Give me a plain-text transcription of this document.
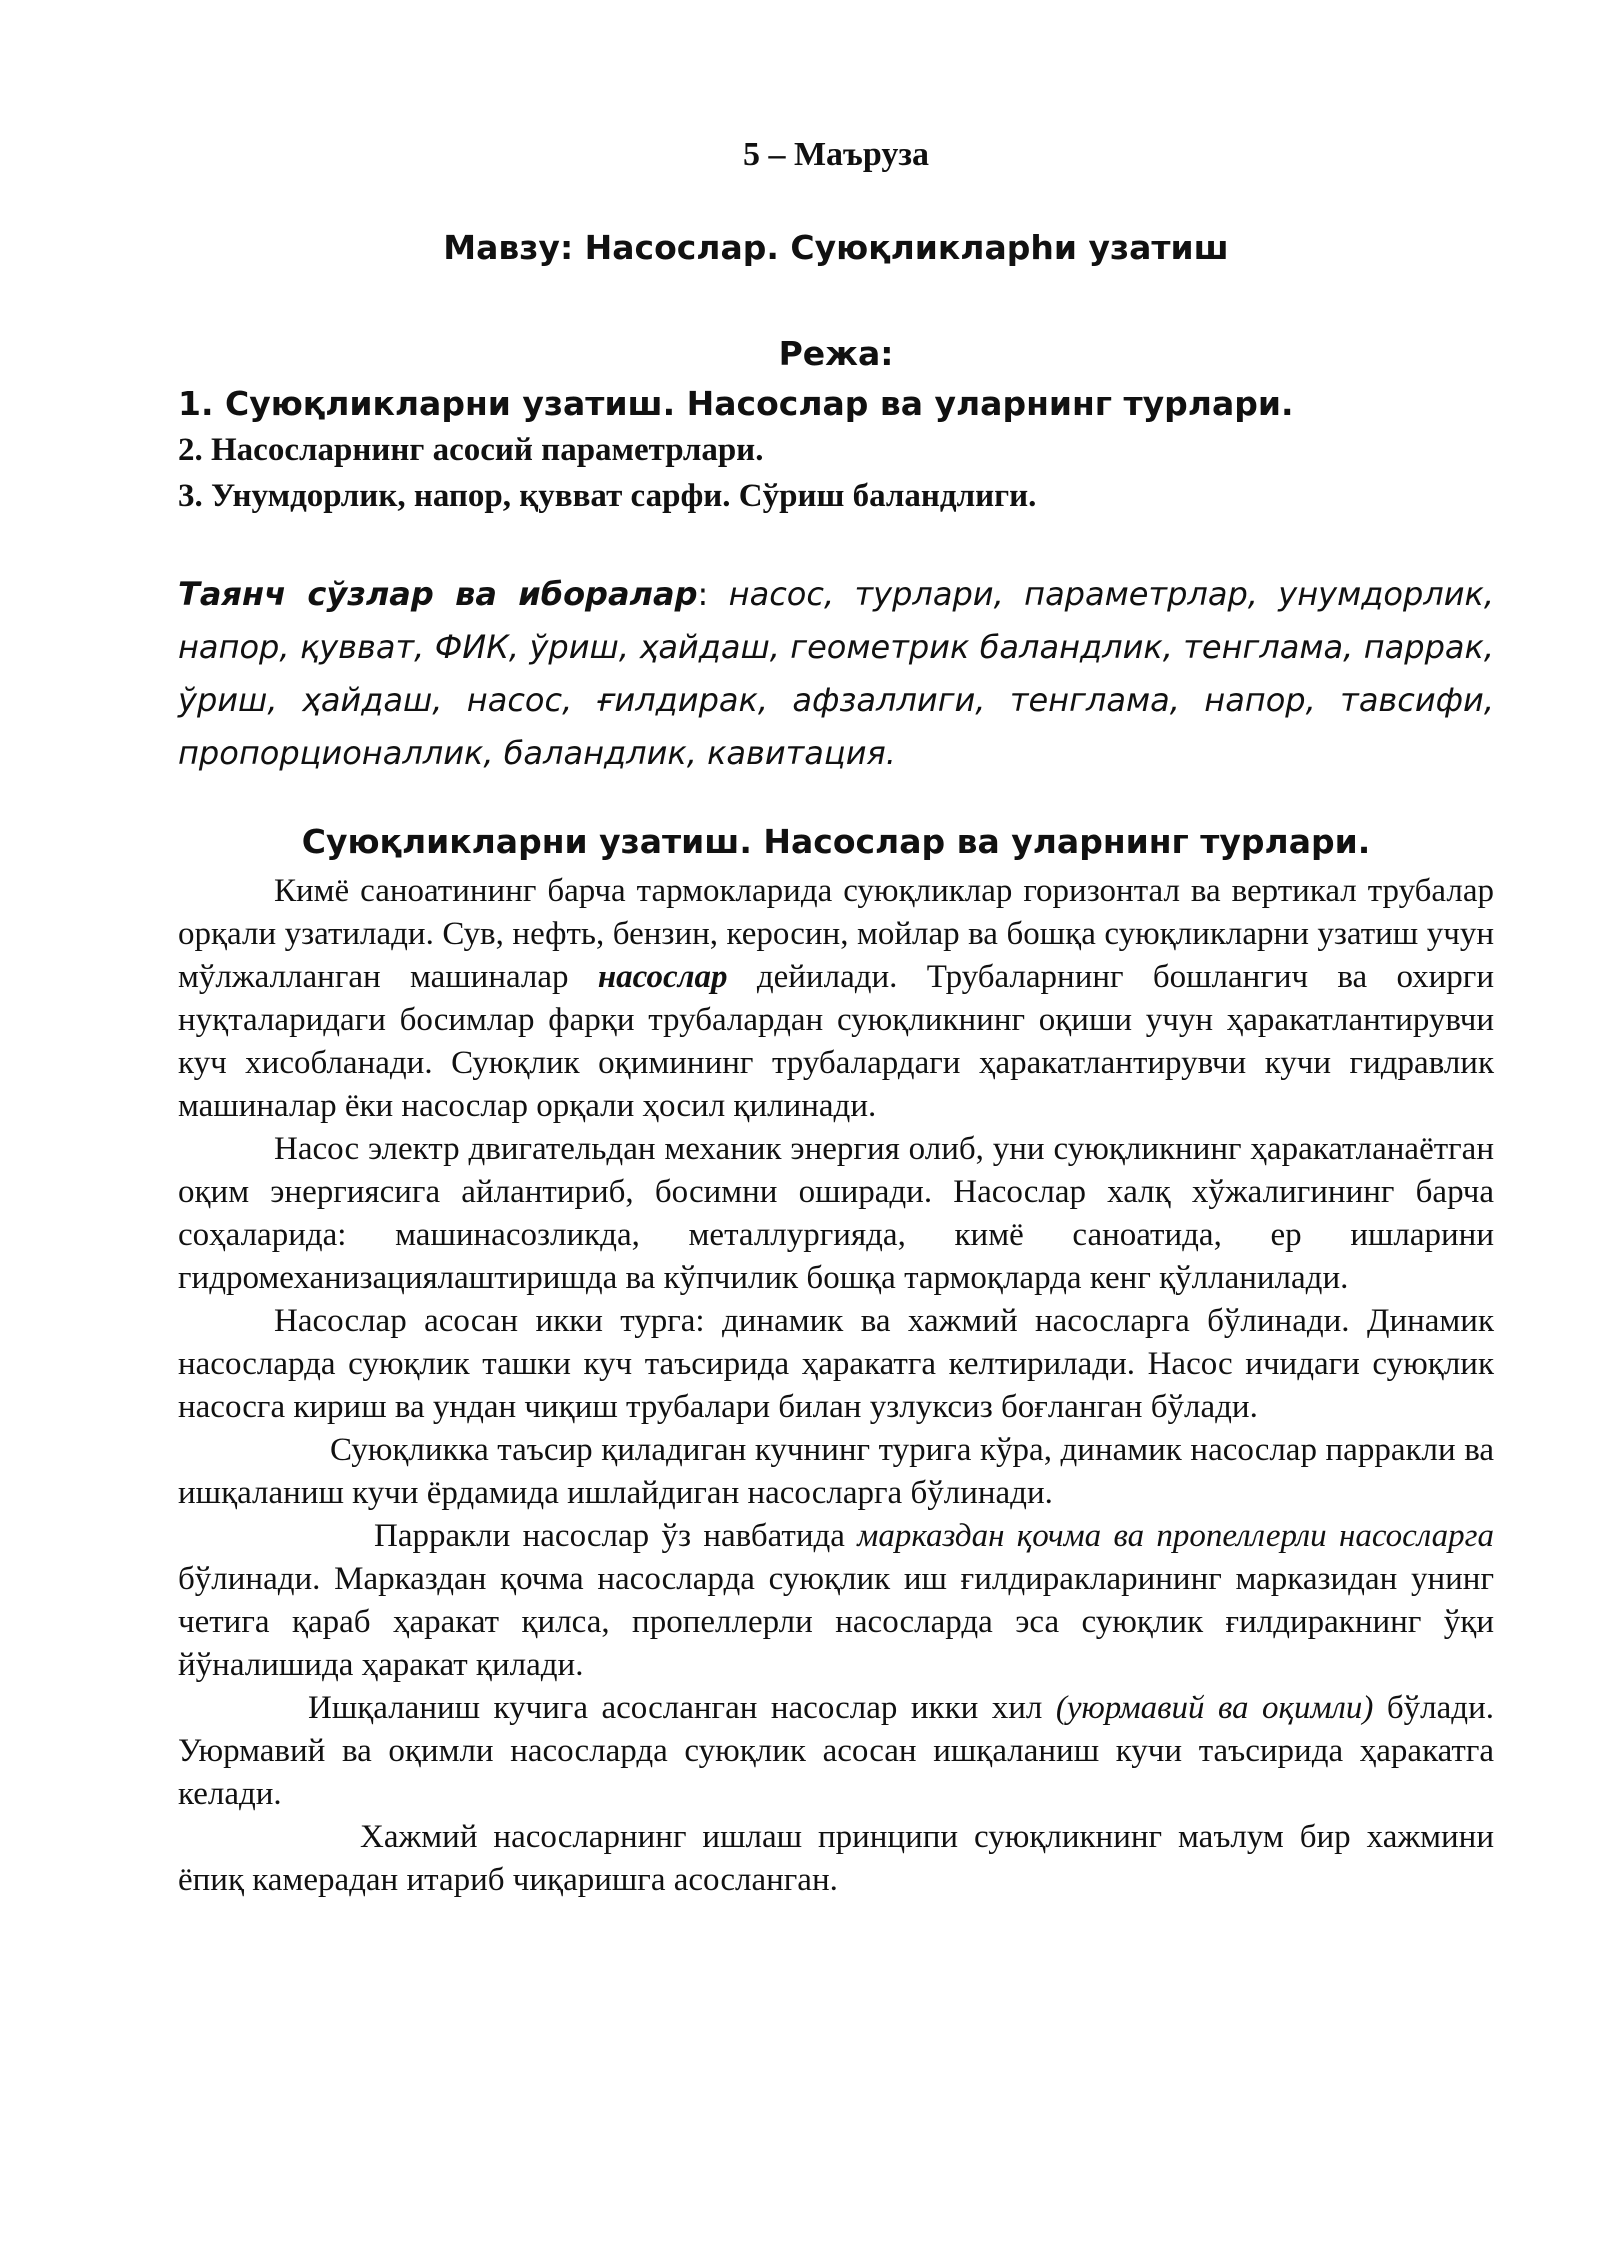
5 – Маъруза
Мавзу: Насослар. Суюқликларhи узатиш
Режа:
1. Суюқликларни узатиш. Насослар ва уларнинг турлари.
2. Насосларнинг асосий параметрлари.
3. Унумдорлик, напор, қувват сарфи. Сўриш баландлиги.
Таянч сўзлар ва иборалар: насос, турлари, параметрлар, унумдорлик, напор, қувват, ФИК, ўриш, ҳайдаш, геометрик баландлик, тенглама, паррак, ўриш, ҳайдаш, насос, ғилдирак, афзаллиги, тенглама, напор, тавсифи, пропорционаллик, баландлик, кавитация.
Суюқликларни узатиш. Насослар ва уларнинг турлари.

Кимё саноатининг барча тармокларида суюқликлар горизонтал ва вертикал трубалар орқали узатилади. Сув, нефть, бензин, керосин, мойлар ва бошқа суюқликларни узатиш учун мўлжалланган машиналар насослар дейилади. Трубаларнинг бошлангич ва охирги нуқталаридаги босимлар фарқи трубалардан суюқликнинг оқиши учун ҳаракатлантирувчи куч хисобланади. Суюқлик оқимининг трубалардаги ҳаракатлантирувчи кучи гидравлик машиналар ёки насослар орқали ҳосил қилинади.

Насос электр двигательдан механик энергия олиб, уни суюқликнинг ҳаракатланаётган оқим энергиясига айлантириб, босимни оширади. Насослар халқ хўжалигининг барча соҳаларида: машинасозликда, металлургияда, кимё саноатида, ер ишларини гидромеханизациялаштиришда ва кўпчилик бошқа тармоқларда кенг қўлланилади.

Насослар асосан икки турга: динамик ва хажмий насосларга бўлинади. Динамик насосларда суюқлик ташки куч таъсирида ҳаракатга келтирилади. Насос ичидаги суюқлик насосга кириш ва ундан чиқиш трубалари билан узлуксиз боғланган бўлади.

Суюқликка таъсир қиладиган кучнинг турига кўра, динамик насослар парракли ва ишқаланиш кучи ёрдамида ишлайдиган насосларга бўлинади.

Парракли насослар ўз навбатида марказдан қочма ва пропеллерли насосларга бўлинади. Марказдан қочма насосларда суюқлик иш ғилдиракларининг марказидан унинг четига қараб ҳаракат қилса, пропеллерли насосларда эса суюқлик ғилдиракнинг ўқи йўналишида ҳаракат қилади.

Ишқаланиш кучига асосланган насослар икки хил (уюрмавий ва оқимли) бўлади. Уюрмавий ва оқимли насосларда суюқлик асосан ишқаланиш кучи таъсирида ҳаракатга келади.

Хажмий насосларнинг ишлаш принципи суюқликнинг маълум бир хажмини ёпиқ камерадан итариб чиқаришга асосланган.
